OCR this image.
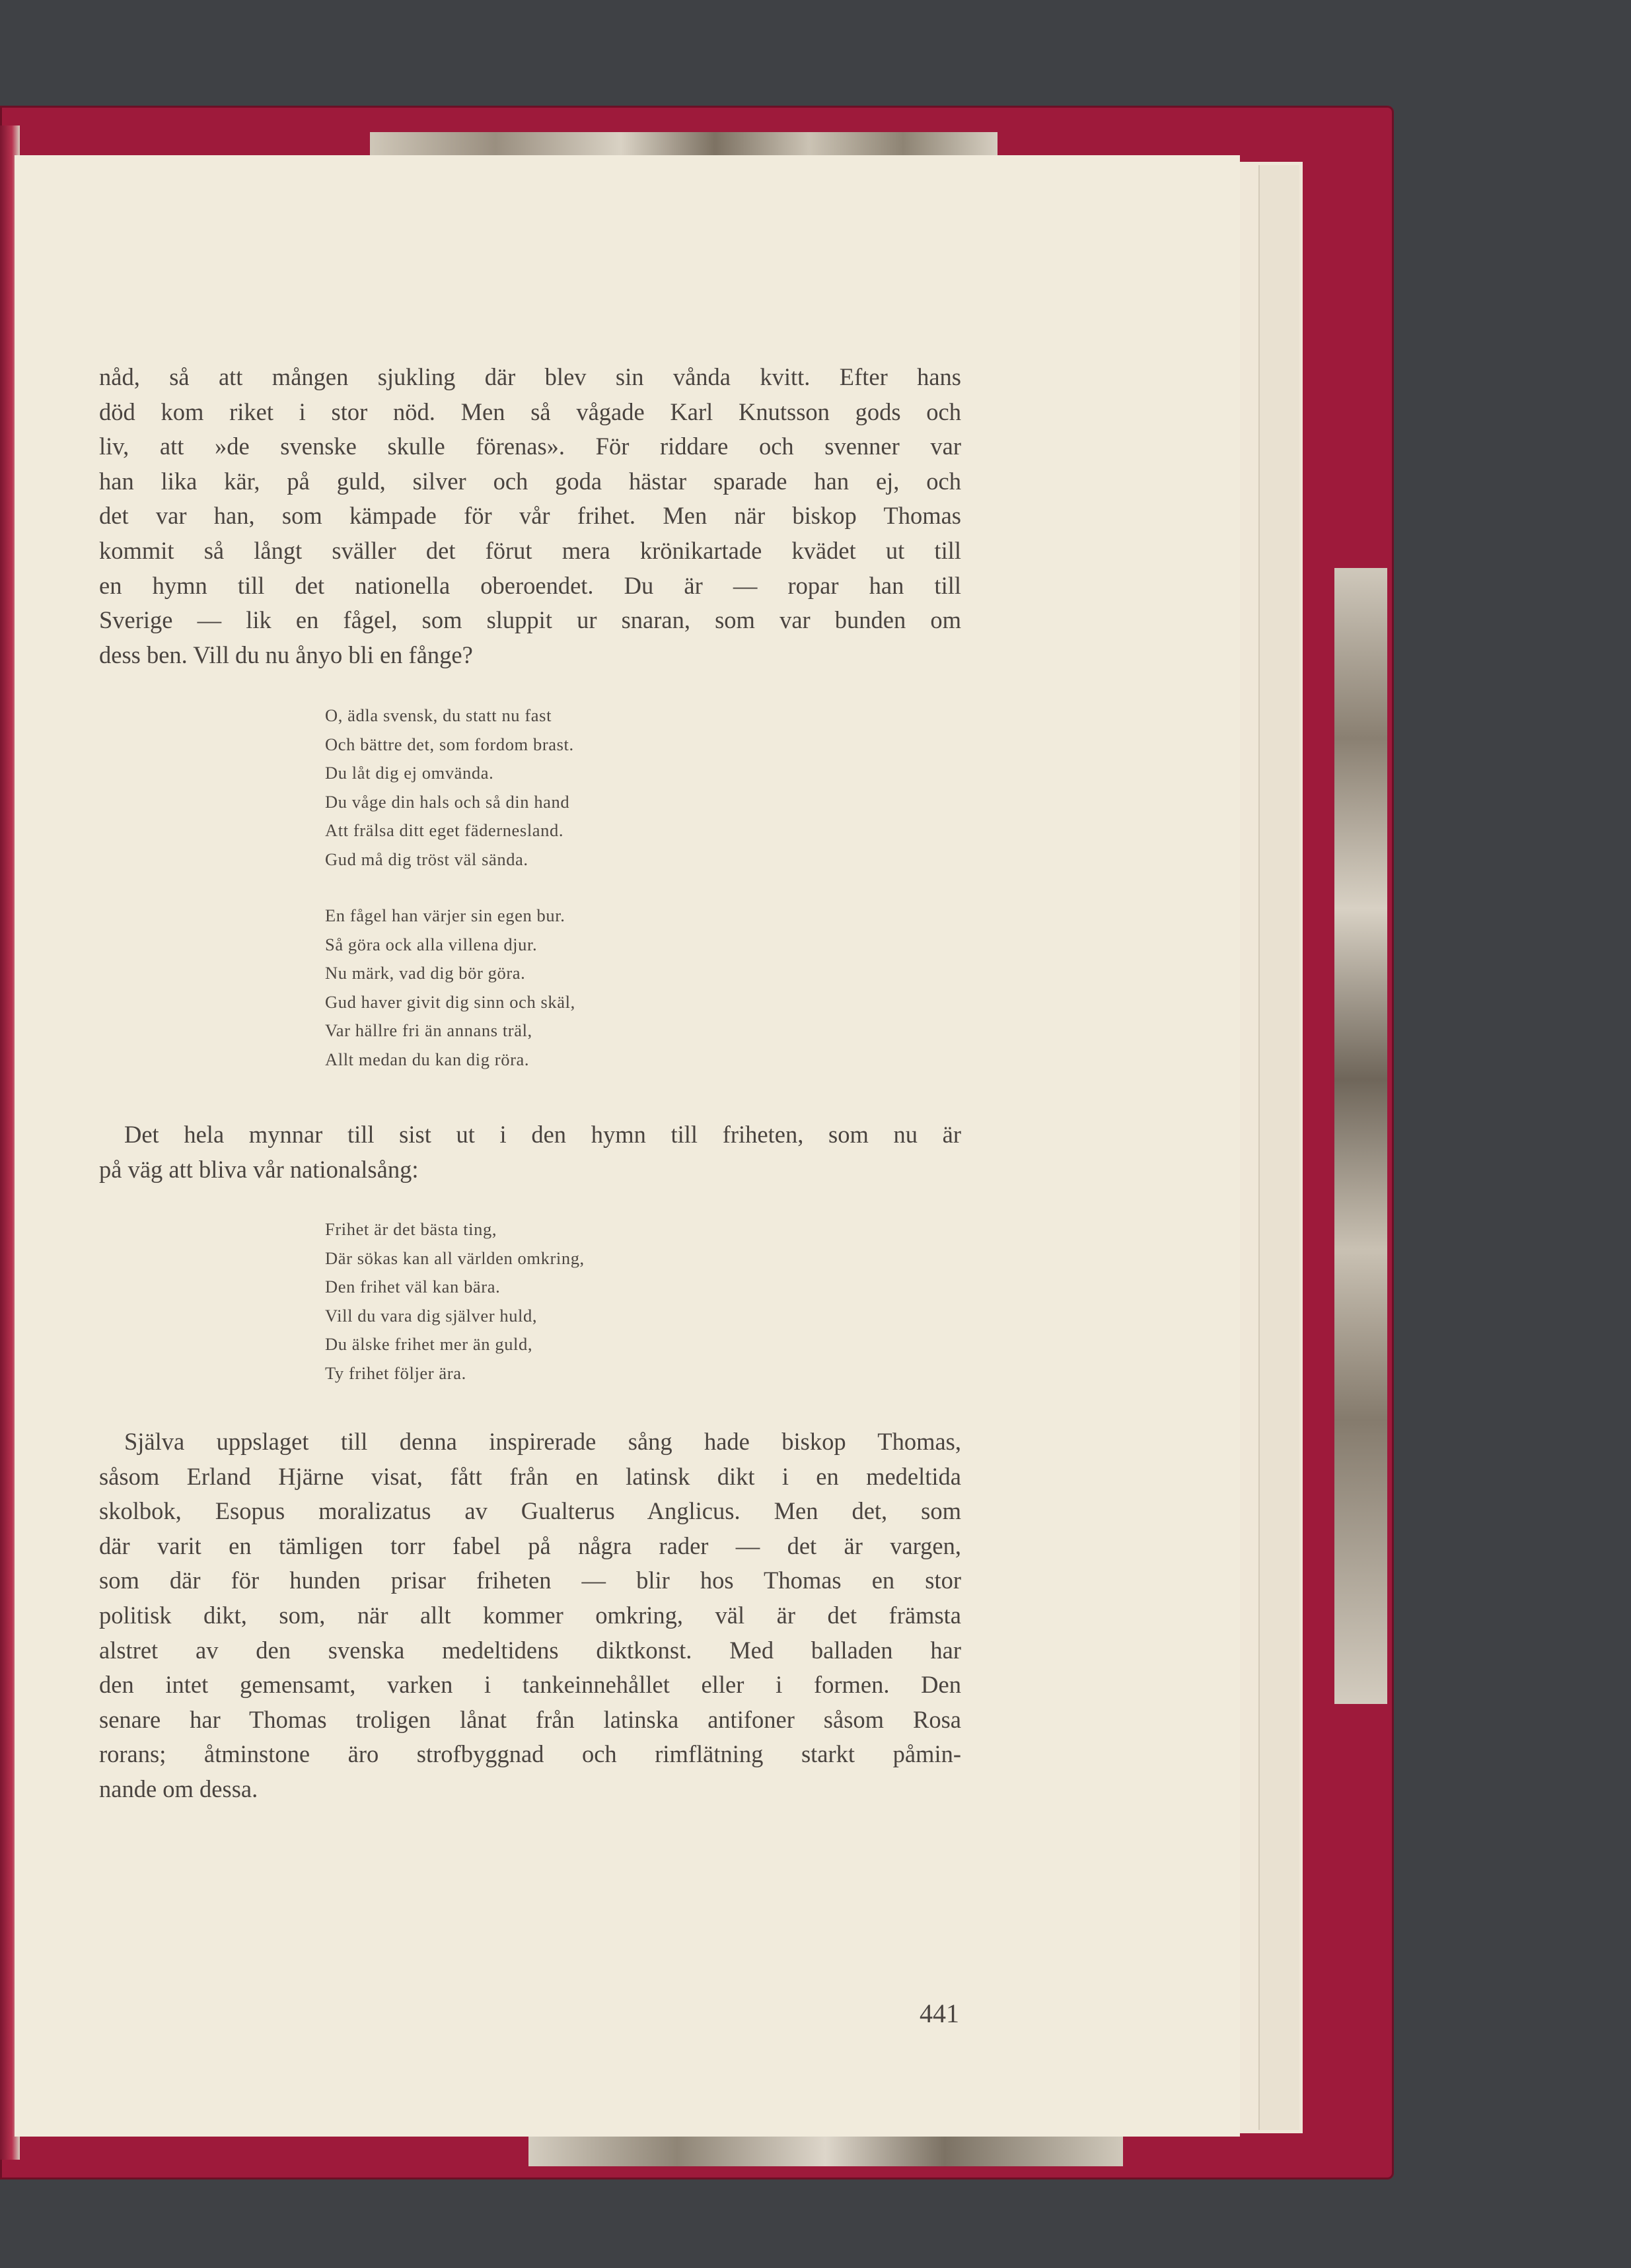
nåd, så att mången sjukling där blev sin vånda kvitt. Efter hans
död kom riket i stor nöd. Men så vågade Karl Knutsson gods och
liv, att »de svenske skulle förenas». För riddare och svenner var
han lika kär, på guld, silver och goda hästar sparade han ej, och
det var han, som kämpade för vår frihet. Men när biskop Thomas
kommit så långt sväller det förut mera krönikartade kvädet ut till
en hymn till det nationella oberoendet. Du är — ropar han till
Sverige — lik en fågel, som sluppit ur snaran, som var bunden om
dess ben. Vill du nu ånyo bli en fånge?
O, ädla svensk, du statt nu fast
Och bättre det, som fordom brast.
Du låt dig ej omvända.
Du våge din hals och så din hand
Att frälsa ditt eget fäderneslаnd.
Gud må dig tröst väl sända.
En fågel han värjer sin egen bur.
Så göra ock alla villena djur.
Nu märk, vad dig bör göra.
Gud haver givit dig sinn och skäl,
Var hällre fri än annans träl,
Allt medan du kan dig röra.
Det hela mynnar till sist ut i den hymn till friheten, som nu är
på väg att bliva vår nationalsång:
Frihet är det bästa ting,
Där sökas kan all världen omkring,
Den frihet väl kan bära.
Vill du vara dig själver huld,
Du älske frihet mer än guld,
Ty frihet följer ära.
Själva uppslaget till denna inspirerade sång hade biskop Thomas,
såsom Erland Hjärne visat, fått från en latinsk dikt i en medeltida
skolbok, Esopus moralizatus av Gualterus Anglicus. Men det, som
där varit en tämligen torr fabel på några rader — det är vargen,
som där för hunden prisar friheten — blir hos Thomas en stor
politisk dikt, som, när allt kommer omkring, väl är det främsta
alstret av den svenska medeltidens diktkonst. Med balladen har
den intet gemensamt, varken i tankeinnehållet eller i formen. Den
senare har Thomas troligen lånat från latinska antifoner såsom Rosa
rorans; åtminstone äro strofbyggnad och rimflätning starkt påmin-
nande om dessa.
441
